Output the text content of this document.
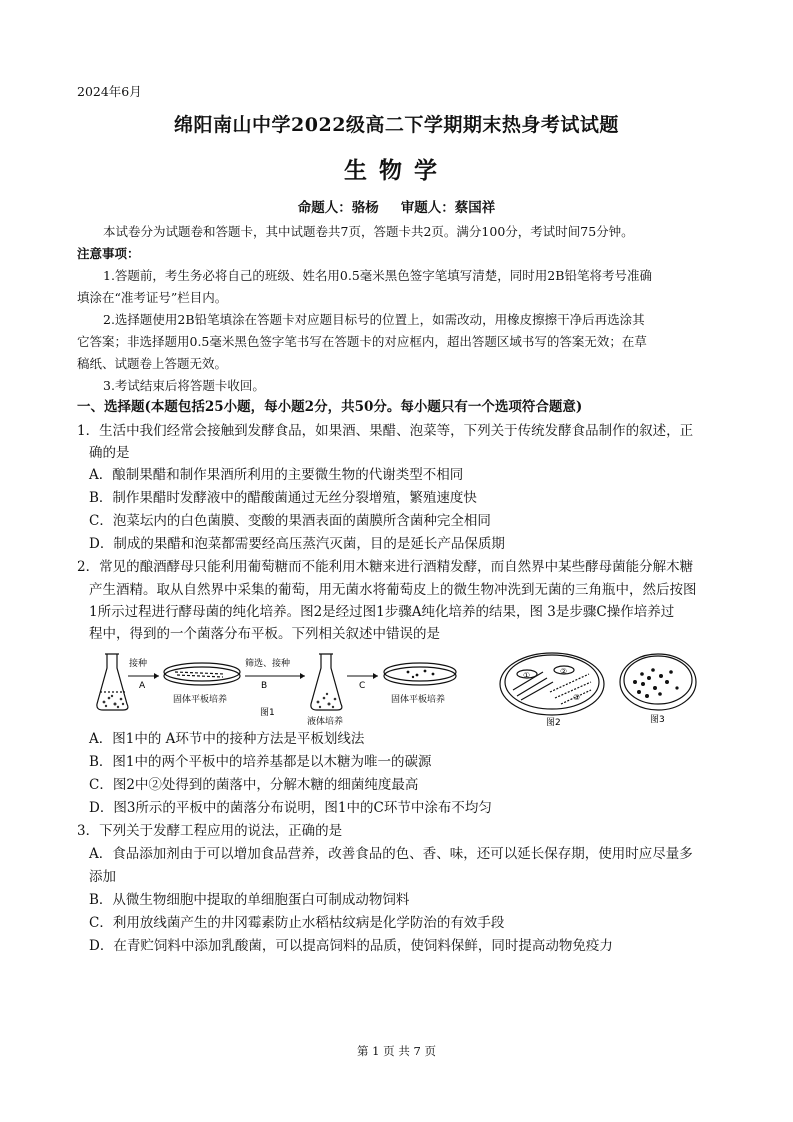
2024年6月
绵阳南山中学2022级高二下学期期末热身考试试题
生物学
命题人：骆杨 审题人：蔡国祥
本试卷分为试题卷和答题卡，其中试题卷共7页，答题卡共2页。满分100分，考试时间75分钟。
注意事项：
1.答题前，考生务必将自己的班级、姓名用0.5毫米黑色签字笔填写清楚，同时用2B铅笔将考号准确
填涂在“准考证号”栏目内。
2.选择题使用2B铅笔填涂在答题卡对应题目标号的位置上，如需改动，用橡皮擦擦干净后再选涂其
它答案；非选择题用0.5毫米黑色签字笔书写在答题卡的对应框内，超出答题区域书写的答案无效；在草
稿纸、试题卷上答题无效。
3.考试结束后将答题卡收回。
一、选择题(本题包括25小题，每小题2分，共50分。每小题只有一个选项符合题意)
1．生活中我们经常会接触到发酵食品，如果酒、果醋、泡菜等，下列关于传统发酵食品制作的叙述，正
确的是
A．酿制果醋和制作果酒所利用的主要微生物的代谢类型不相同
B．制作果醋时发酵液中的醋酸菌通过无丝分裂增殖，繁殖速度快
C．泡菜坛内的白色菌膜、变酸的果酒表面的菌膜所含菌种完全相同
D．制成的果醋和泡菜都需要经高压蒸汽灭菌，目的是延长产品保质期
2．常见的酿酒酵母只能利用葡萄糖而不能利用木糖来进行酒精发酵，而自然界中某些酵母菌能分解木糖
产生酒精。取从自然界中采集的葡萄，用无菌水将葡萄皮上的微生物冲洗到无菌的三角瓶中，然后按图
1所示过程进行酵母菌的纯化培养。图2是经过图1步骤A纯化培养的结果，图 3是步骤C操作培养过
程中，得到的一个菌落分布平板。下列相关叙述中错误的是
接种
A
固体平板培养
筛选、接种
B
液体培养
C
固体平板培养
图1
①	②
③
图2	图3
A．图1中的 A环节中的接种方法是平板划线法
B．图1中的两个平板中的培养基都是以木糖为唯一的碳源
C．图2中②处得到的菌落中，分解木糖的细菌纯度最高
D．图3所示的平板中的菌落分布说明，图1中的C环节中涂布不均匀
3．下列关于发酵工程应用的说法，正确的是
A．食品添加剂由于可以增加食品营养，改善食品的色、香、味，还可以延长保存期，使用时应尽量多
添加
B．从微生物细胞中提取的单细胞蛋白可制成动物饲料
C．利用放线菌产生的井冈霉素防止水稻枯纹病是化学防治的有效手段
D．在青贮饲料中添加乳酸菌，可以提高饲料的品质，使饲料保鲜，同时提高动物免疫力
第 1 页 共 7 页
